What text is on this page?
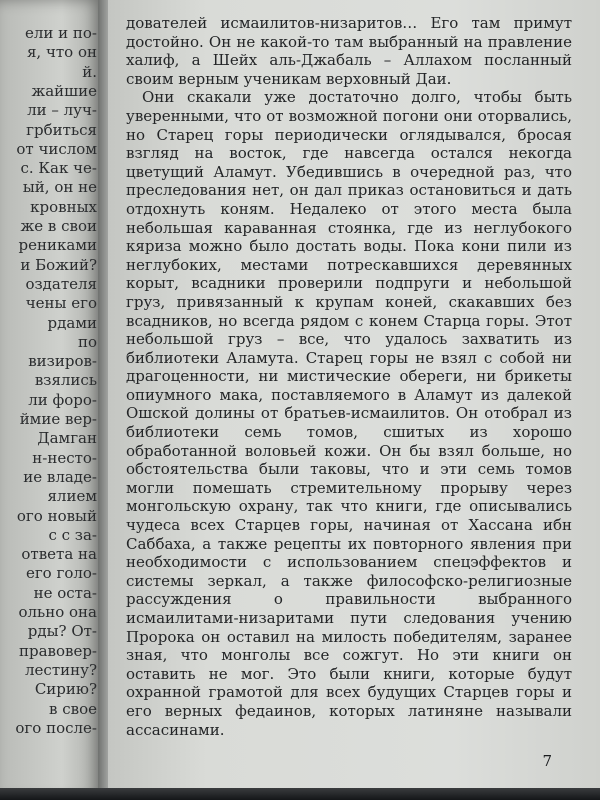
ели и по-
я, что он
й.
жайшие
ли – луч-
грбиться
от числом
с. Как че-
ый, он не
кровных
же в свои
рениками
и Божий?
оздателя
чены его
рдами
по
визиров-
взялись
ли форо-
ймие вер-
Дамган
н-несто-
ие владе-
ялием
ого новый
с с за-
ответа на
его голо-
не оста-
ольно она
рды? От-
правовер-
лестину?
Сирию?
в свое
ого после-

дователей исмаилитов-низаритов… Его там примут достойно. Он не какой-то там выбранный на правление халиф, а Шейх аль-Джабаль – Аллахом посланный своим верным ученикам верховный Даи.

Они скакали уже достаточно долго, чтобы быть уверенными, что от возможной погони они оторвались, но Старец горы периодически оглядывался, бросая взгляд на восток, где навсегда остался некогда цветущий Аламут. Убедившись в очередной раз, что преследования нет, он дал приказ остановиться и дать отдохнуть коням. Недалеко от этого места была небольшая караванная стоянка, где из неглубокого кяриза можно было достать воды. Пока кони пили из неглубоких, местами потрескавшихся деревянных корыт, всадники проверили подпруги и небольшой груз, привязанный к крупам коней, скакавших без всадников, но всегда рядом с конем Старца горы. Этот небольшой груз – все, что удалось захватить из библиотеки Аламута. Старец горы не взял с собой ни драгоценности, ни мистические обереги, ни брикеты опиумного мака, поставляемого в Аламут из далекой Ошской долины от братьев-исмаилитов. Он отобрал из библиотеки семь томов, сшитых из хорошо обработанной воловьей кожи. Он бы взял больше, но обстоятельства были таковы, что и эти семь томов могли помешать стремительному прорыву через монгольскую охрану, так что книги, где описывались чудеса всех Старцев горы, начиная от Хассана ибн Саббаха, а также рецепты их повторного явления при необходимости с использованием спецэффектов и системы зеркал, а также философско-религиозные рассуждения о правильности выбранного исмаилитами-низаритами пути следования учению Пророка он оставил на милость победителям, заранее зная, что монголы все сожгут. Но эти книги он оставить не мог. Это были книги, которые будут охранной грамотой для всех будущих Старцев горы и его верных федаинов, которых латиняне называли ассасинами.

7
